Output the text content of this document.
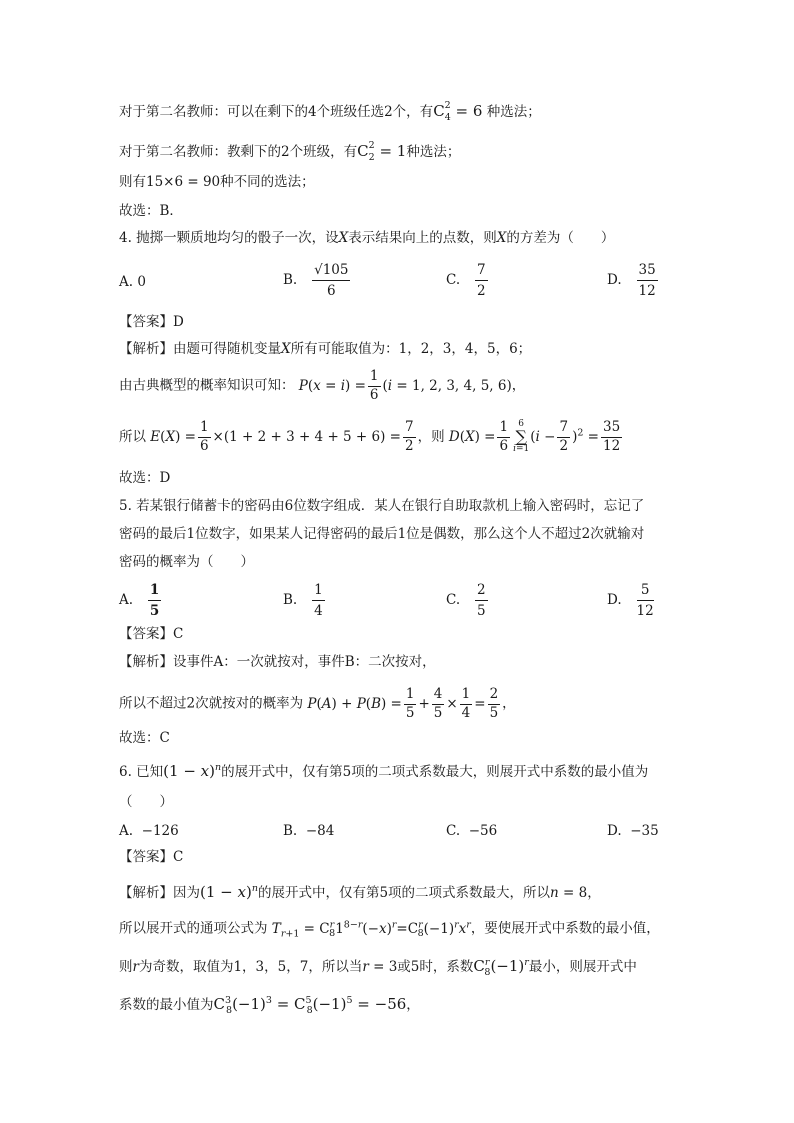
对于第二名教师：可以在剩下的4个班级任选2个，有$C^2_4 = 6$ 种选法；
对于第二名教师：教剩下的2个班级，有$C^2_2 = 1$种选法；
则有15×6 = 90种不同的选法；
故选：B．
4. 抛掷一颗质地均匀的骰子一次，设X表示结果向上的点数，则X的方差为（　　）
A. 0	B. $\frac{√105}{6}$	C. $\frac{7}{2}$	D. $\frac{35}{12}$
【答案】D
【解析】由题可得随机变量X所有可能取值为：1，2，3，4，5，6；
由古典概型的概率知识可知： $P(x = i) = \frac{1}{6} (i = 1$, 2, 3, 4, 5, 6)，
所以 $E(X) = \frac{1}{6} \times(1 + 2 + 3 + 4 + 5 + 6) = \frac{7}{2}$ ，则 $D(X) = \frac{1}{6} 6$
∑
$i=1(i - \frac{7}{2} )^2 = \frac{35}{12}$
故选：D
5. 若某银行储蓄卡的密码由6位数字组成．某人在银行自助取款机上输入密码时，忘记了
密码的最后1位数字，如果某人记得密码的最后1位是偶数，那么这个人不超过2次就输对
密码的概率为（　　）
A. $\frac{1}{5}$	B. $\frac{1}{4}$	C. $\frac{2}{5}$	D. $\frac{5}{12}$
【答案】C
【解析】设事件A：一次就按对，事件B：二次按对，
所以不超过2次就按对的概率为 $P(A) + P(B) = \frac{1}{5} + \frac{4}{5} \times \frac{1}{4} = \frac{2}{5}$ ，
故选：C
6. 已知$(1 - x)^n$的展开式中，仅有第5项的二项式系数最大，则展开式中系数的最小值为
（　　）
A. −126	B. −84	C. −56	D. −35
【答案】C
【解析】因为$(1 - x)^n$的展开式中，仅有第5项的二项式系数最大，所以n = 8，
所以展开式的通项公式为 $T_{r+1} = C^r_81^{8-r}(-x)^r=C^r_8(-1)^rx^r$，要使展开式中系数的最小值，
则r为奇数，取值为1，3，5，7，所以当r = 3或5时，系数$C^r_8(-1)^r$最小，则展开式中
系数的最小值为$C^3_8(-1)^3 = C^5_8(-1)^5 = -56$，
